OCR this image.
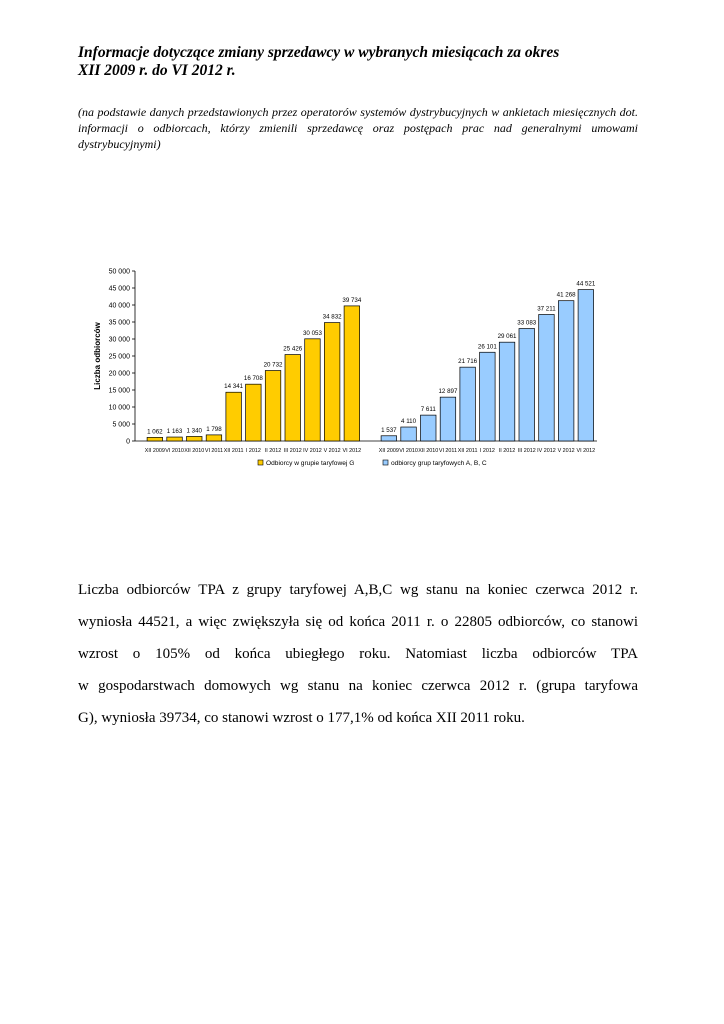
Informacje dotyczące zmiany sprzedawcy w wybranych miesiącach za okres
XII 2009 r. do VI 2012 r.
(na podstawie danych przedstawionych przez operatorów systemów dystrybucyjnych w ankietach miesięcznych dot.
informacji o odbiorcach, którzy zmienili sprzedawcę oraz postępach prac nad generalnymi umowami
dystrybucyjnymi)
0
5 000
10 000
15 000
20 000
25 000
30 000
35 000
40 000
45 000
50 000
Liczba odbiorców
1 062
XII 2009
1 163
VI 2010
1 340
XII 2010
1 798
VI 2011
14 341
XII 2011
16 708
I 2012
20 732
II 2012
25 426
III 2012
30 053
IV 2012
34 832
V 2012
39 734
VI 2012
1 537
XII 2009
4 110
VI 2010
7 611
XII 2010
12 897
VI 2011
21 716
XII 2011
26 101
I 2012
29 061
II 2012
33 083
III 2012
37 211
IV 2012
41 268
V 2012
44 521
VI 2012
Odbiorcy w grupie taryfowej G	odbiorcy grup taryfowych A, B, C
Liczba odbiorców TPA z grupy taryfowej A,B,C wg stanu na koniec czerwca 2012 r.
wyniosła 44521, a więc zwiększyła się od końca 2011 r. o 22805 odbiorców, co stanowi
wzrost o 105% od końca ubiegłego roku. Natomiast liczba odbiorców TPA
w gospodarstwach domowych wg stanu na koniec czerwca 2012 r. (grupa taryfowa
G), wyniosła 39734, co stanowi wzrost o 177,1% od końca XII 2011 roku.
